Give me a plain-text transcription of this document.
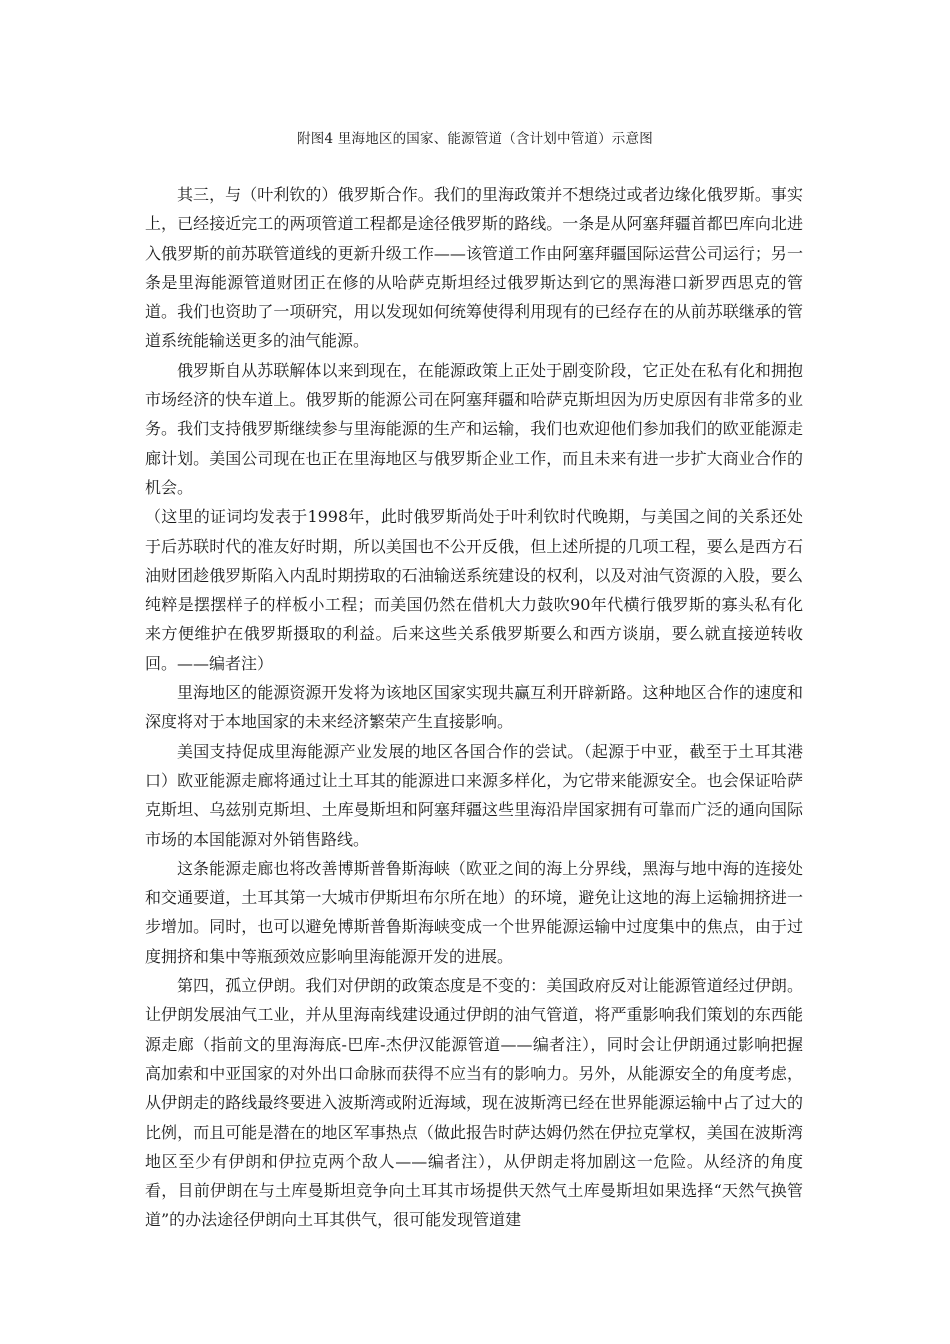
附图4 里海地区的国家、能源管道（含计划中管道）示意图

其三，与（叶利钦的）俄罗斯合作。我们的里海政策并不想绕过或者边缘化俄罗斯。事实上，已经接近完工的两项管道工程都是途径俄罗斯的路线。一条是从阿塞拜疆首都巴库向北进入俄罗斯的前苏联管道线的更新升级工作——该管道工作由阿塞拜疆国际运营公司运行；另一条是里海能源管道财团正在修的从哈萨克斯坦经过俄罗斯达到它的黑海港口新罗西思克的管道。我们也资助了一项研究，用以发现如何统筹使得利用现有的已经存在的从前苏联继承的管道系统能输送更多的油气能源。

俄罗斯自从苏联解体以来到现在，在能源政策上正处于剧变阶段，它正处在私有化和拥抱市场经济的快车道上。俄罗斯的能源公司在阿塞拜疆和哈萨克斯坦因为历史原因有非常多的业务。我们支持俄罗斯继续参与里海能源的生产和运输，我们也欢迎他们参加我们的欧亚能源走廊计划。美国公司现在也正在里海地区与俄罗斯企业工作，而且未来有进一步扩大商业合作的机会。

（这里的证词均发表于1998年，此时俄罗斯尚处于叶利钦时代晚期，与美国之间的关系还处于后苏联时代的准友好时期，所以美国也不公开反俄，但上述所提的几项工程，要么是西方石油财团趁俄罗斯陷入内乱时期捞取的石油输送系统建设的权利，以及对油气资源的入股，要么纯粹是摆摆样子的样板小工程；而美国仍然在借机大力鼓吹90年代横行俄罗斯的寡头私有化来方便维护在俄罗斯摄取的利益。后来这些关系俄罗斯要么和西方谈崩，要么就直接逆转收回。——编者注）

里海地区的能源资源开发将为该地区国家实现共赢互利开辟新路。这种地区合作的速度和深度将对于本地国家的未来经济繁荣产生直接影响。

美国支持促成里海能源产业发展的地区各国合作的尝试。（起源于中亚，截至于土耳其港口）欧亚能源走廊将通过让土耳其的能源进口来源多样化，为它带来能源安全。也会保证哈萨克斯坦、乌兹别克斯坦、土库曼斯坦和阿塞拜疆这些里海沿岸国家拥有可靠而广泛的通向国际市场的本国能源对外销售路线。

这条能源走廊也将改善博斯普鲁斯海峡（欧亚之间的海上分界线，黑海与地中海的连接处和交通要道，土耳其第一大城市伊斯坦布尔所在地）的环境，避免让这地的海上运输拥挤进一步增加。同时，也可以避免博斯普鲁斯海峡变成一个世界能源运输中过度集中的焦点，由于过度拥挤和集中等瓶颈效应影响里海能源开发的进展。

第四，孤立伊朗。我们对伊朗的政策态度是不变的：美国政府反对让能源管道经过伊朗。让伊朗发展油气工业，并从里海南线建设通过伊朗的油气管道，将严重影响我们策划的东西能源走廊（指前文的里海海底-巴库-杰伊汉能源管道——编者注），同时会让伊朗通过影响把握高加索和中亚国家的对外出口命脉而获得不应当有的影响力。另外，从能源安全的角度考虑，从伊朗走的路线最终要进入波斯湾或附近海域，现在波斯湾已经在世界能源运输中占了过大的比例，而且可能是潜在的地区军事热点（做此报告时萨达姆仍然在伊拉克掌权，美国在波斯湾地区至少有伊朗和伊拉克两个敌人——编者注），从伊朗走将加剧这一危险。从经济的角度看，目前伊朗在与土库曼斯坦竞争向土耳其市场提供天然气土库曼斯坦如果选择“天然气换管道”的办法途径伊朗向土耳其供气，很可能发现管道建
